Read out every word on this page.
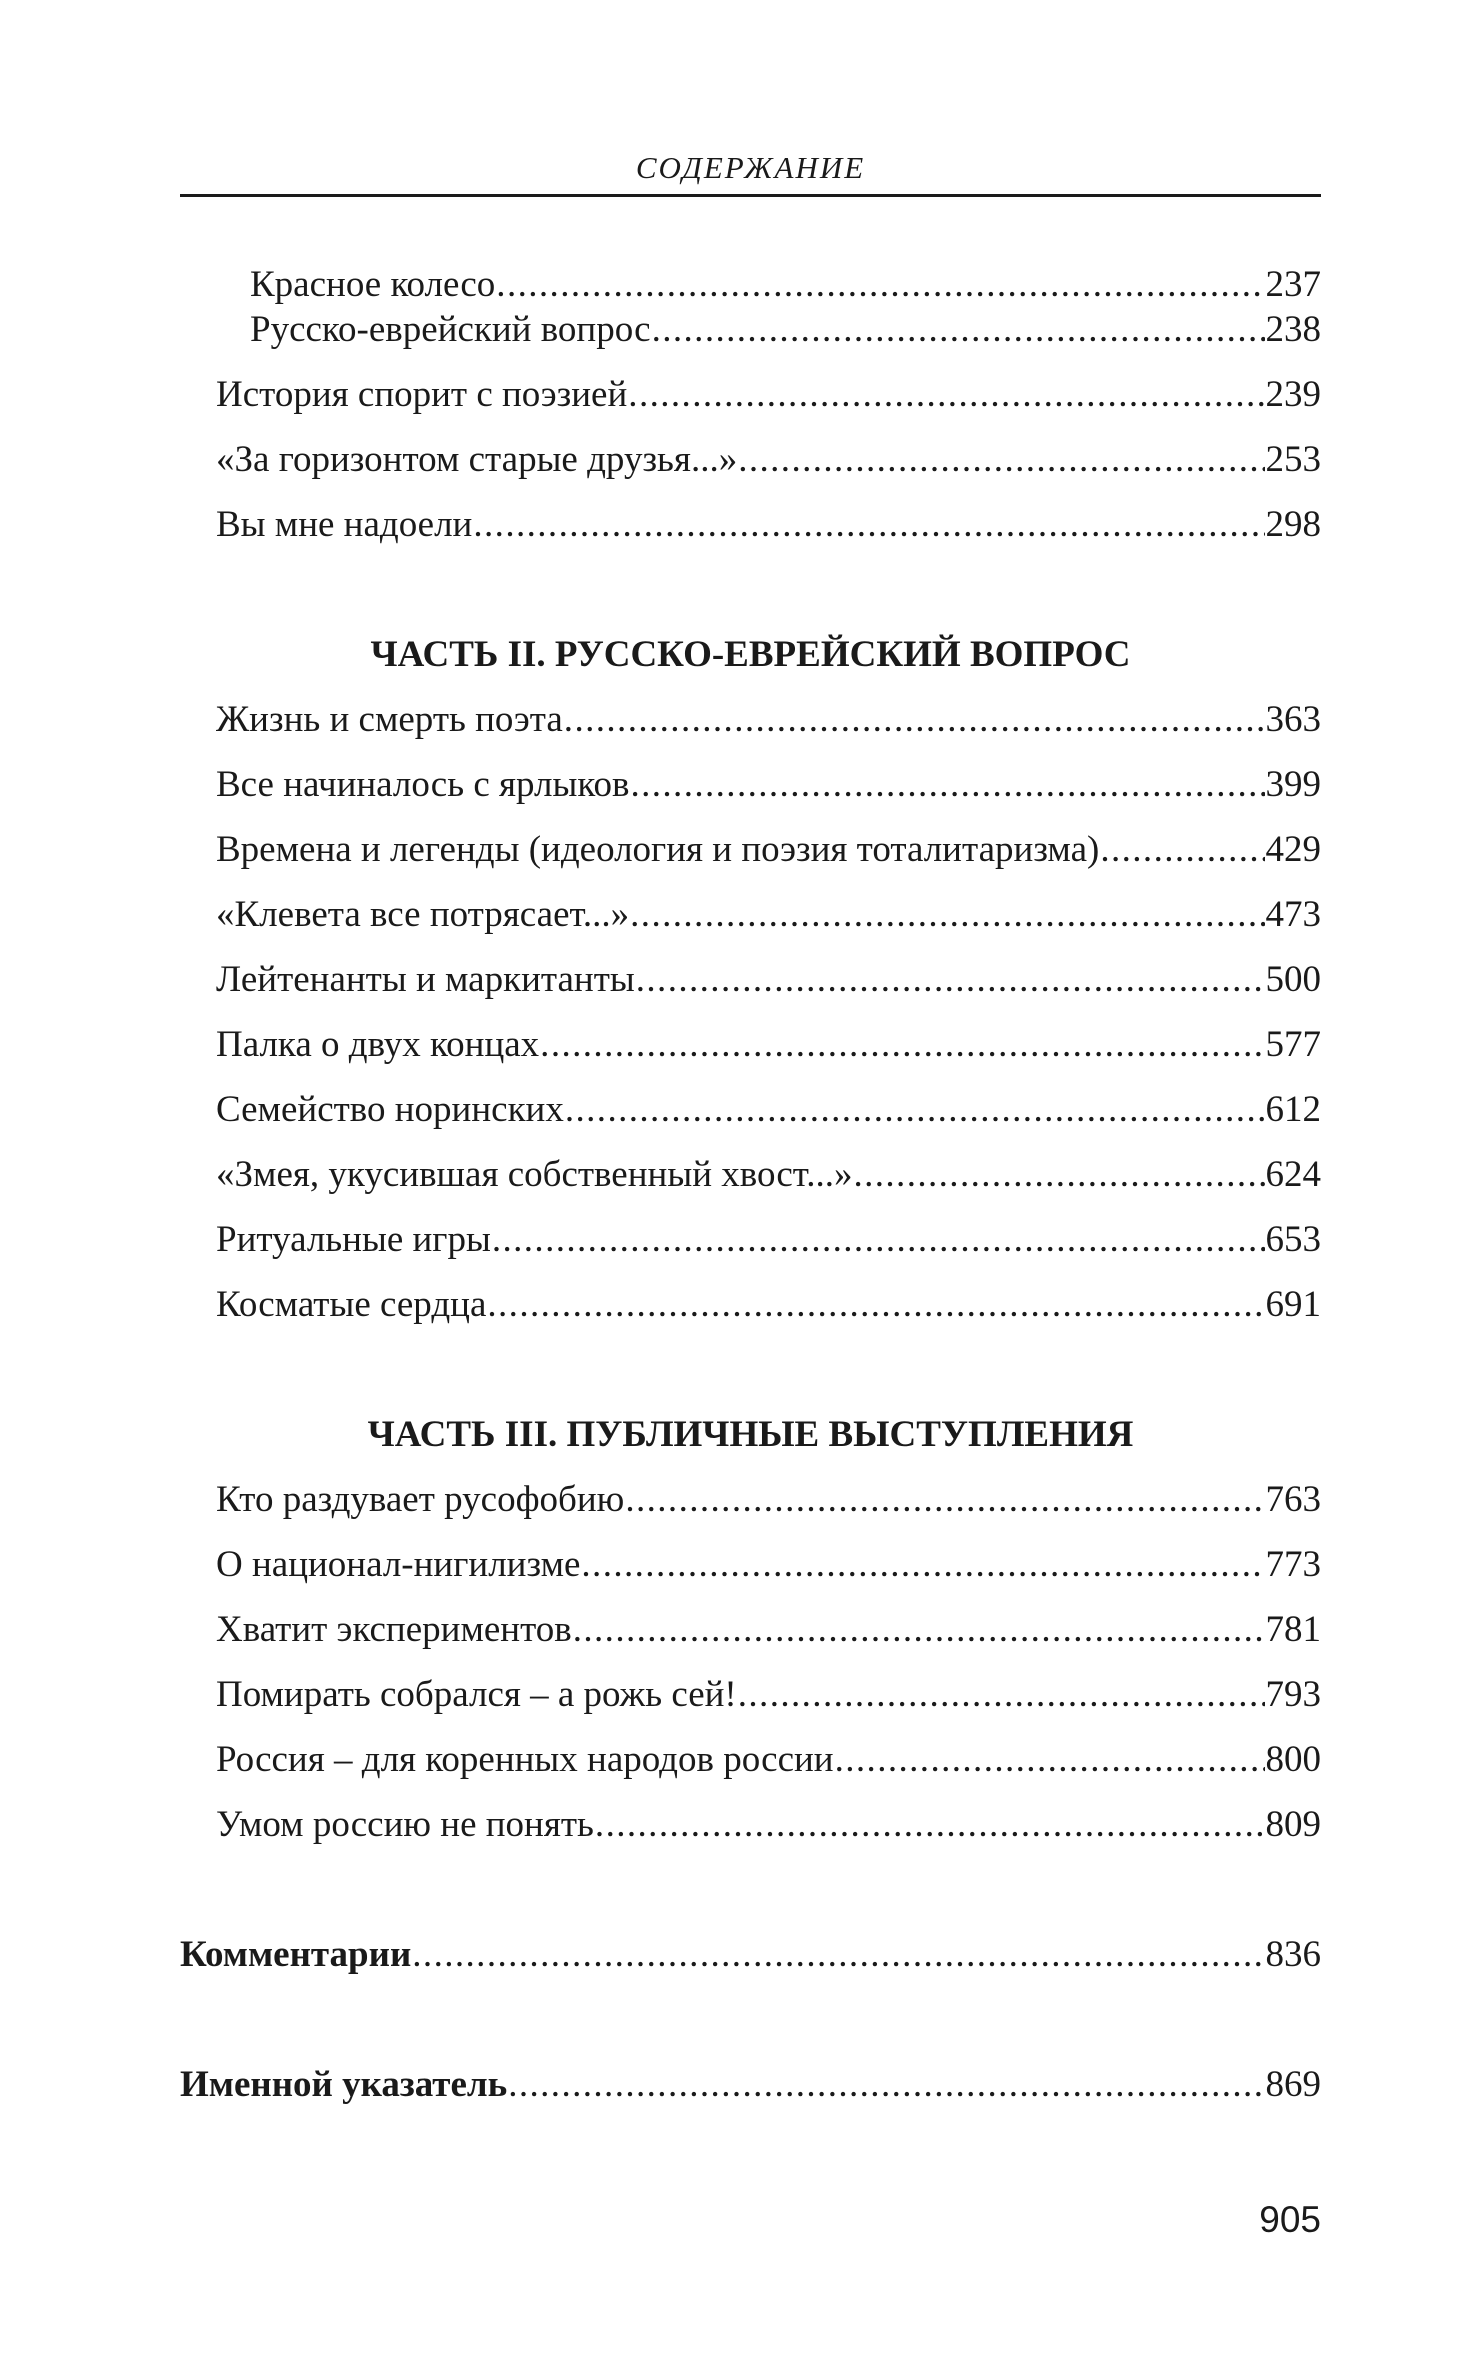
СОДЕРЖАНИЕ
Красное колесо .....	237
Русско-еврейский вопрос .....	238
История спорит с поэзией .....	239
«За горизонтом старые друзья...» .....	253
Вы мне надоели .....	298
ЧАСТЬ II. РУССКО-ЕВРЕЙСКИЙ ВОПРОС
Жизнь и смерть поэта .....	363
Все начиналось с ярлыков .....	399
Времена и легенды (идеология и поэзия тоталитаризма) .....	429
«Клевета все потрясает...» .....	473
Лейтенанты и маркитанты .....	500
Палка о двух концах .....	577
Семейство норинских .....	612
«Змея, укусившая собственный хвост...» .....	624
Ритуальные игры .....	653
Косматые сердца .....	691
ЧАСТЬ III. ПУБЛИЧНЫЕ ВЫСТУПЛЕНИЯ
Кто раздувает русофобию .....	763
О национал-нигилизме .....	773
Хватит экспериментов .....	781
Помирать собрался – а рожь сей! .....	793
Россия – для коренных народов россии .....	800
Умом россию не понять .....	809
Комментарии .....	836
Именной указатель .....	869
905
